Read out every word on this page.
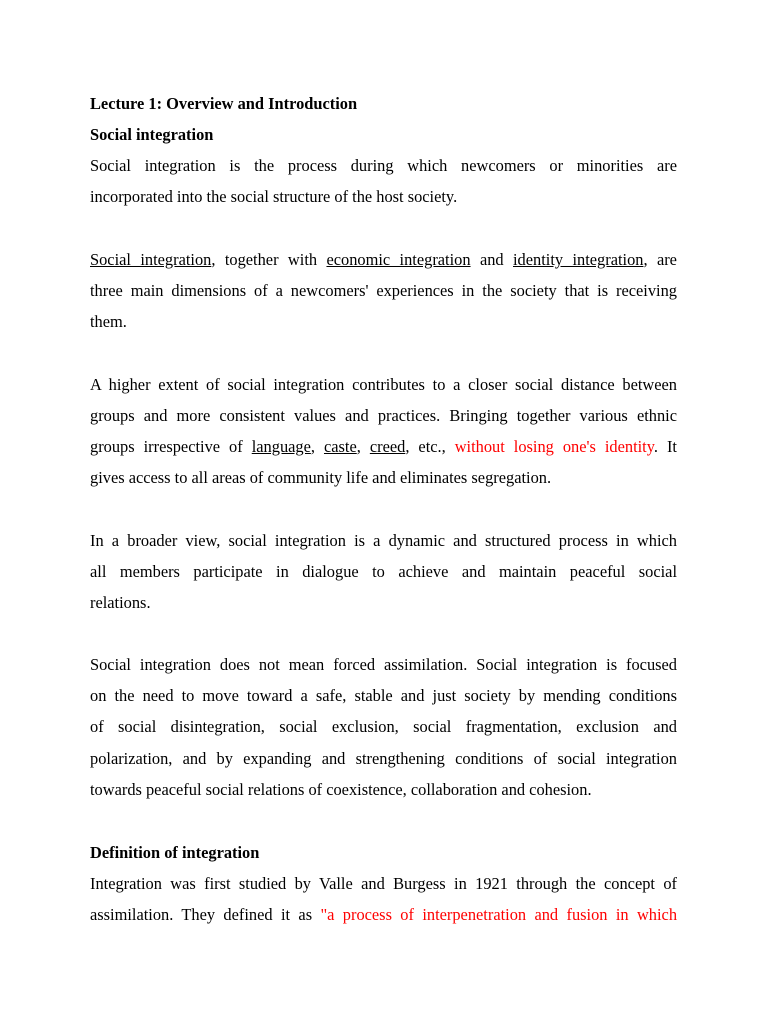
Lecture 1: Overview and Introduction
Social integration
Social integration is the process during which newcomers or minorities are
incorporated into the social structure of the host society.
Social integration, together with economic integration and identity integration, are
three main dimensions of a newcomers' experiences in the society that is receiving
them.
A higher extent of social integration contributes to a closer social distance between
groups and more consistent values and practices. Bringing together various ethnic
groups irrespective of language, caste, creed, etc., without losing one's identity. It
gives access to all areas of community life and eliminates segregation.
In a broader view, social integration is a dynamic and structured process in which
all members participate in dialogue to achieve and maintain peaceful social
relations.
Social integration does not mean forced assimilation. Social integration is focused
on the need to move toward a safe, stable and just society by mending conditions
of social disintegration, social exclusion, social fragmentation, exclusion and
polarization, and by expanding and strengthening conditions of social integration
towards peaceful social relations of coexistence, collaboration and cohesion.
Definition of integration
Integration was first studied by Valle and Burgess in 1921 through the concept of
assimilation. They defined it as "a process of interpenetration and fusion in which
